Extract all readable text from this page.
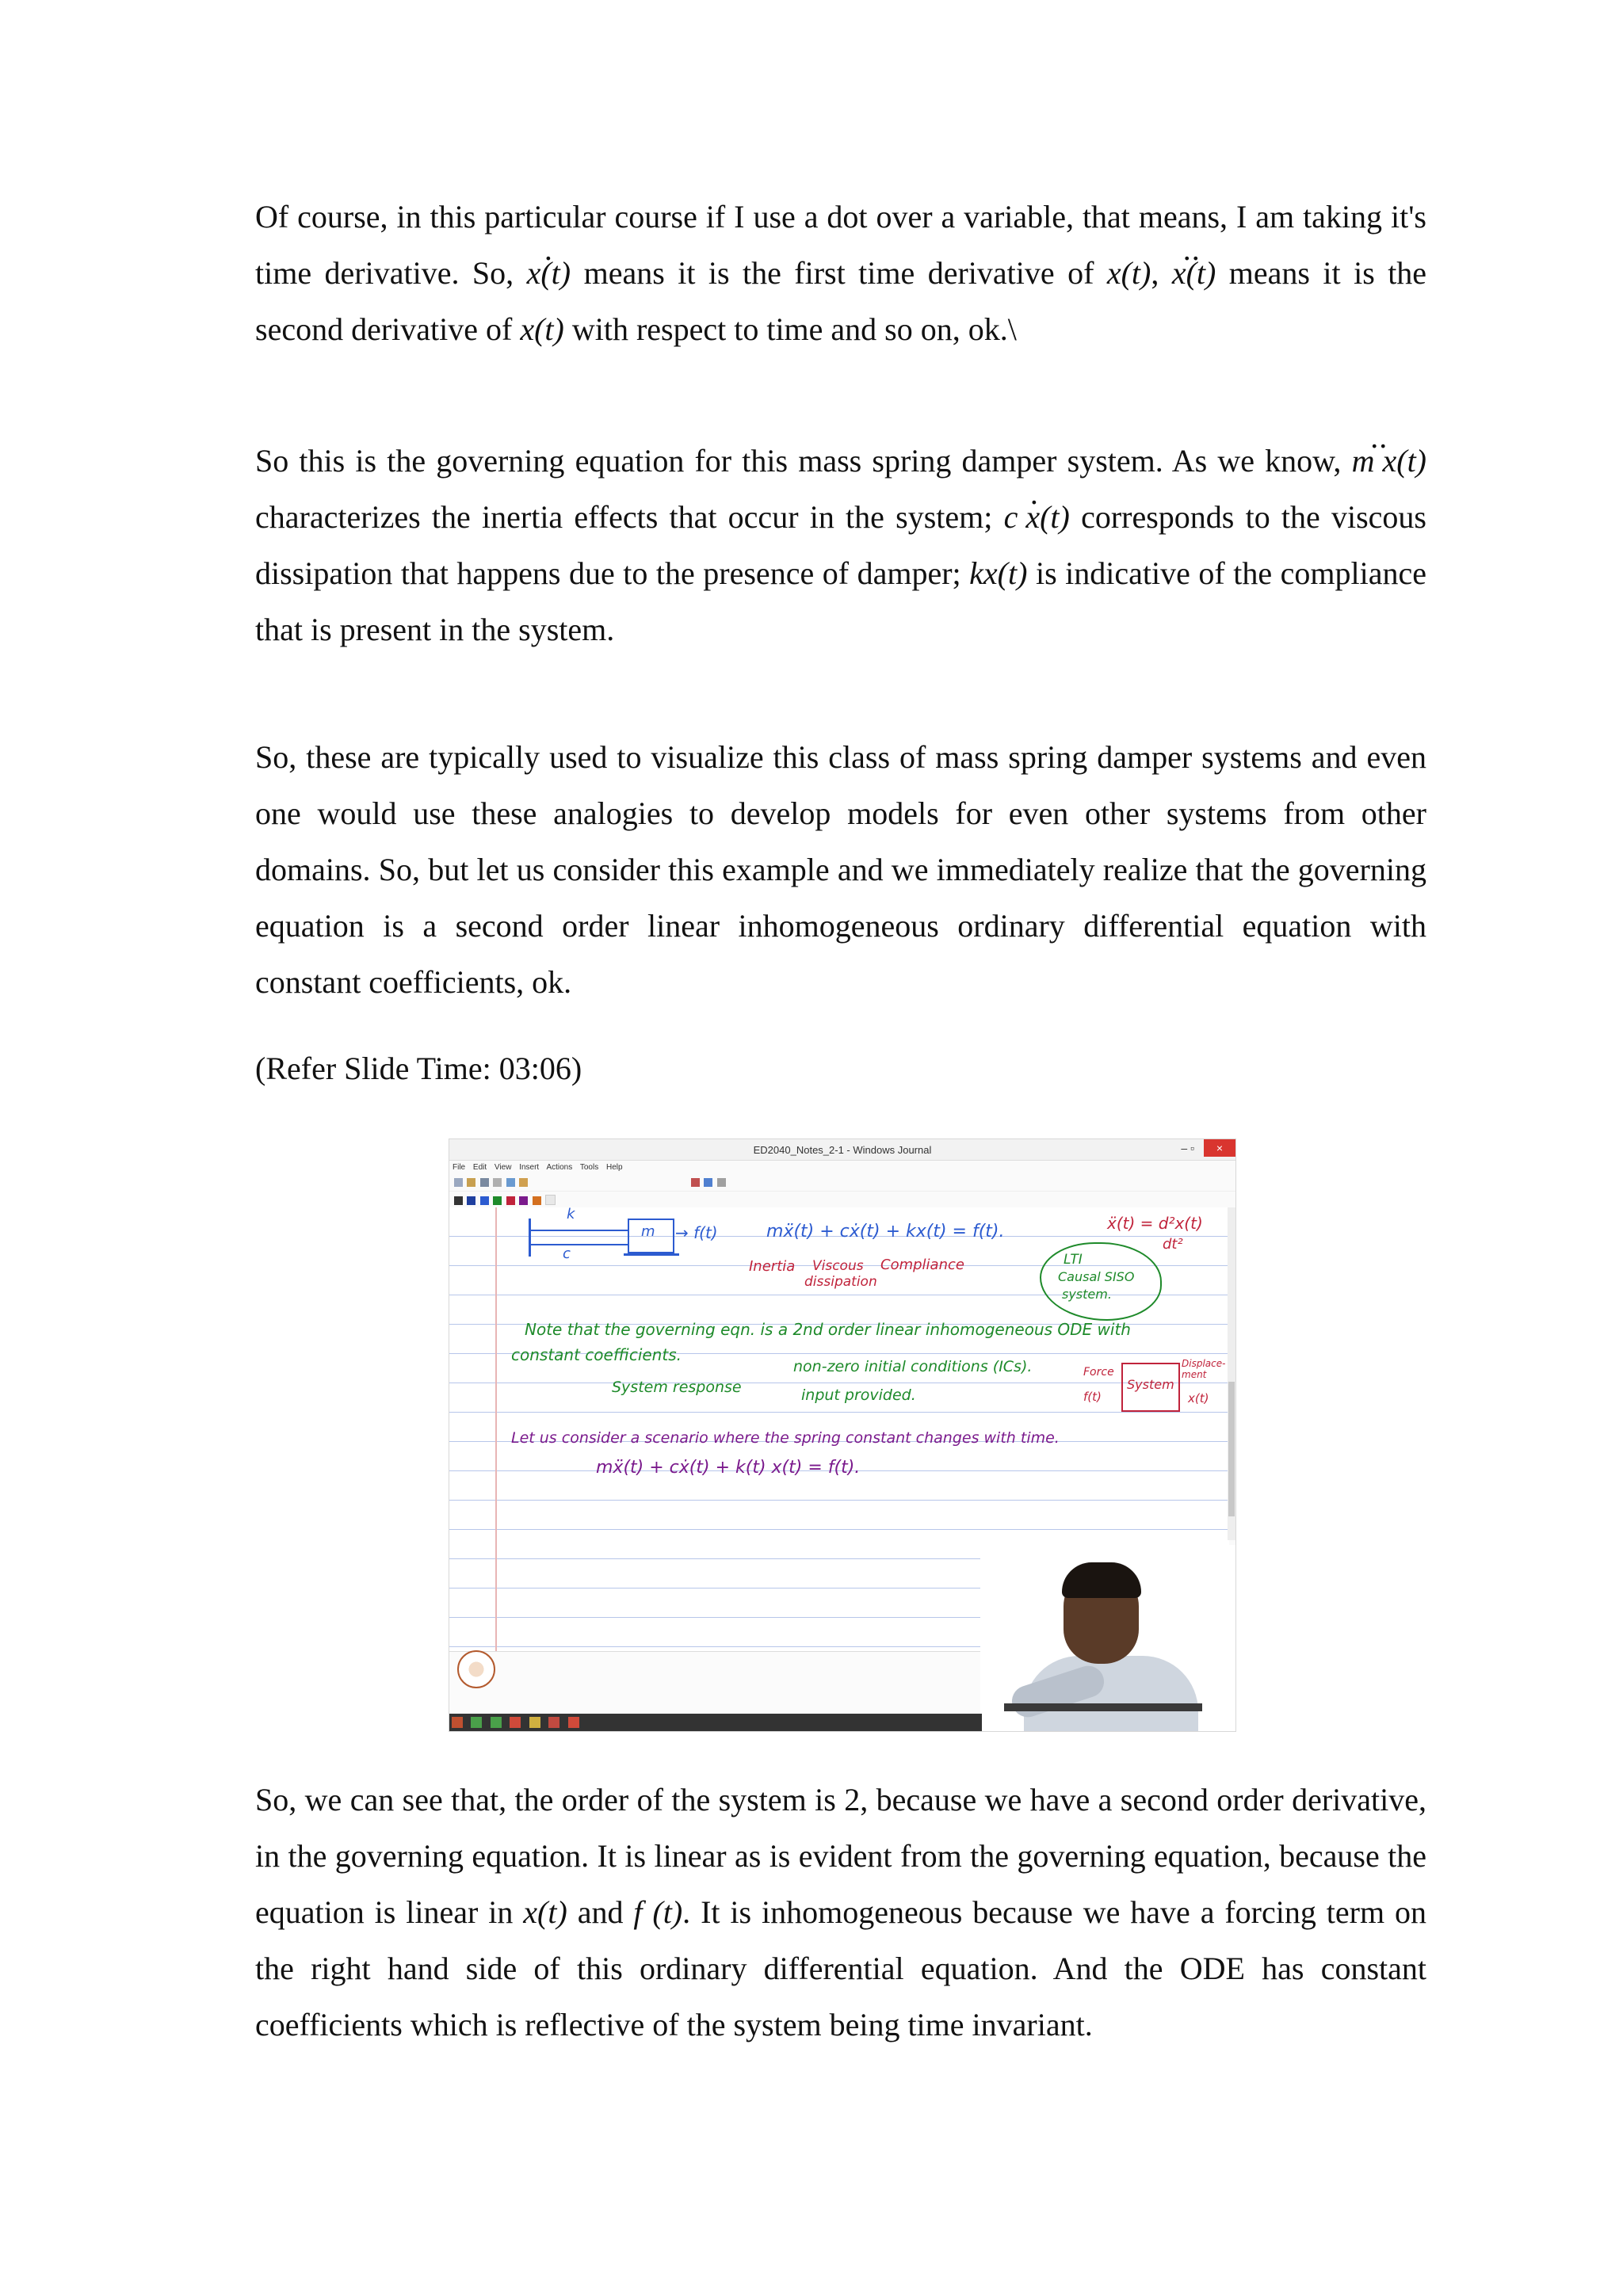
Of course, in this particular course if I use a dot over a variable, that means, I am taking it's time derivative. So, . x(t) means it is the first time derivative of x(t), .. x(t) means it is the second derivative of x(t) with respect to time and so on, ok.\

So this is the governing equation for this mass spring damper system. As we know, .. m x(t) characterizes the inertia effects that occur in the system; . c x(t) corresponds to the viscous dissipation that happens due to the presence of damper; kx(t) is indicative of the compliance that is present in the system.

So, these are typically used to visualize this class of mass spring damper systems and even one would use these analogies to develop models for even other systems from other domains. So, but let us consider this example and we immediately realize that the governing equation is a second order linear inhomogeneous ordinary differential equation with constant coefficients, ok.

(Refer Slide Time: 03:06)
ED2040_Notes_2-1 - Windows Journal	– ▫	×
File Edit View Insert Actions Tools Help

k
m → f(t)
c
mẍ(t) + cẋ(t) + kx(t) = f(t).
Inertia Viscous
dissipation
Compliance
ẍ(t) = d²x(t)
dt²
LTI
Causal SISO
system.
Note that the governing eqn. is a 2nd order linear inhomogeneous ODE with
constant coefficients.
System response
non-zero initial conditions (ICs).
input provided.
Force
f(t)
System
Displace-ment
x(t)
Let us consider a scenario where the spring constant changes with time.
mẍ(t) + cẋ(t) + k(t) x(t) = f(t).

So, we can see that, the order of the system is 2, because we have a second order derivative, in the governing equation. It is linear as is evident from the governing equation, because the equation is linear in x(t) and f (t). It is inhomogeneous because we have a forcing term on the right hand side of this ordinary differential equation. And the ODE has constant coefficients which is reflective of the system being time invariant.
